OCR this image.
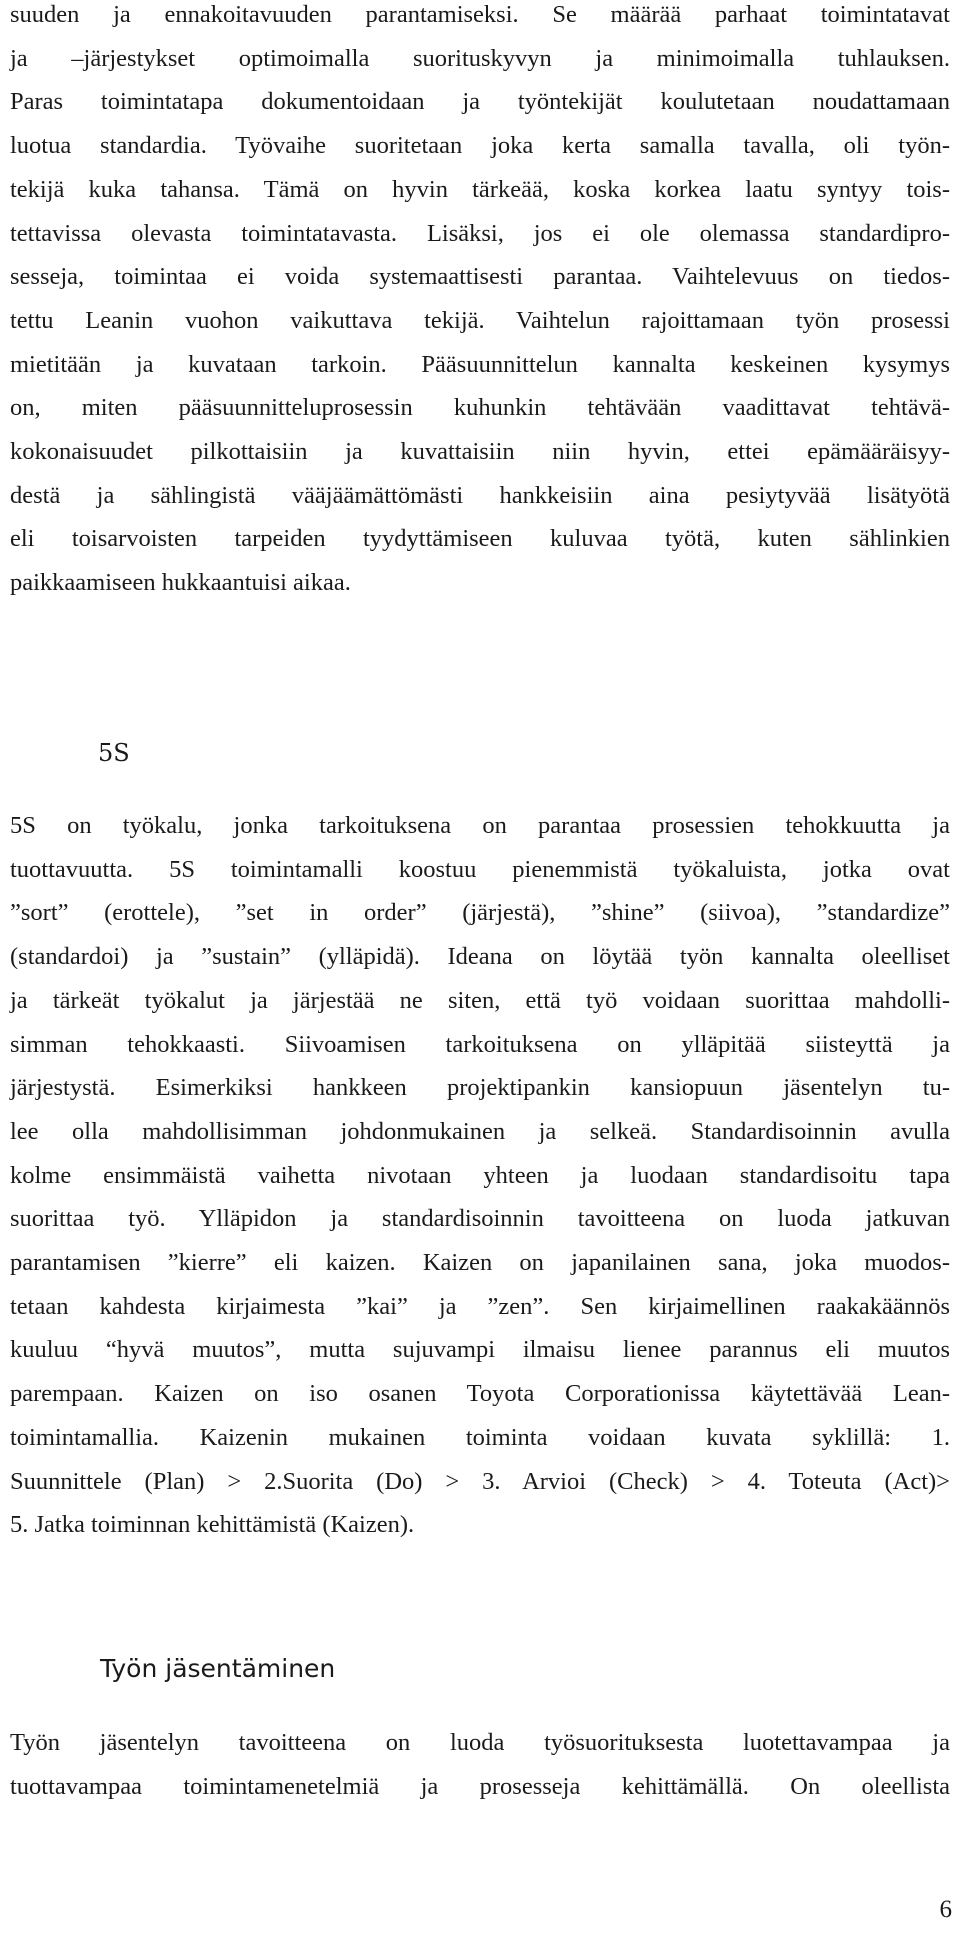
suuden ja ennakoitavuuden parantamiseksi. Se määrää parhaat toimintatavat
ja –järjestykset optimoimalla suorituskyvyn ja minimoimalla tuhlauksen.
Paras toimintatapa dokumentoidaan ja työntekijät koulutetaan noudattamaan
luotua standardia. Työvaihe suoritetaan joka kerta samalla tavalla, oli työn-
tekijä kuka tahansa. Tämä on hyvin tärkeää, koska korkea laatu syntyy tois-
tettavissa olevasta toimintatavasta. Lisäksi, jos ei ole olemassa standardipro-
sesseja, toimintaa ei voida systemaattisesti parantaa. Vaihtelevuus on tiedos-
tettu Leanin vuohon vaikuttava tekijä. Vaihtelun rajoittamaan työn prosessi
mietitään ja kuvataan tarkoin. Pääsuunnittelun kannalta keskeinen kysymys
on, miten pääsuunnitteluprosessin kuhunkin tehtävään vaadittavat tehtävä-
kokonaisuudet pilkottaisiin ja kuvattaisiin niin hyvin, ettei epämääräisyy-
destä ja sählingistä vääjäämättömästi hankkeisiin aina pesiytyvää lisätyötä
eli toisarvoisten tarpeiden tyydyttämiseen kuluvaa työtä, kuten sählinkien
paikkaamiseen hukkaantuisi aikaa.
5S
5S on työkalu, jonka tarkoituksena on parantaa prosessien tehokkuutta ja
tuottavuutta. 5S toimintamalli koostuu pienemmistä työkaluista, jotka ovat
”sort” (erottele), ”set in order” (järjestä), ”shine” (siivoa), ”standardize”
(standardoi) ja ”sustain” (ylläpidä). Ideana on löytää työn kannalta oleelliset
ja tärkeät työkalut ja järjestää ne siten, että työ voidaan suorittaa mahdolli-
simman tehokkaasti. Siivoamisen tarkoituksena on ylläpitää siisteyttä ja
järjestystä. Esimerkiksi hankkeen projektipankin kansiopuun jäsentelyn tu-
lee olla mahdollisimman johdonmukainen ja selkeä. Standardisoinnin avulla
kolme ensimmäistä vaihetta nivotaan yhteen ja luodaan standardisoitu tapa
suorittaa työ. Ylläpidon ja standardisoinnin tavoitteena on luoda jatkuvan
parantamisen ”kierre” eli kaizen. Kaizen on japanilainen sana, joka muodos-
tetaan kahdesta kirjaimesta ”kai” ja ”zen”. Sen kirjaimellinen raakakäännös
kuuluu “hyvä muutos”, mutta sujuvampi ilmaisu lienee parannus eli muutos
parempaan. Kaizen on iso osanen Toyota Corporationissa käytettävää Lean-
toimintamallia. Kaizenin mukainen toiminta voidaan kuvata syklillä: 1.
Suunnittele (Plan) > 2.Suorita (Do) > 3. Arvioi (Check) > 4. Toteuta (Act)>
5. Jatka toiminnan kehittämistä (Kaizen).
Työn jäsentäminen
Työn jäsentelyn tavoitteena on luoda työsuorituksesta luotettavampaa ja
tuottavampaa toimintamenetelmiä ja prosesseja kehittämällä. On oleellista
6
